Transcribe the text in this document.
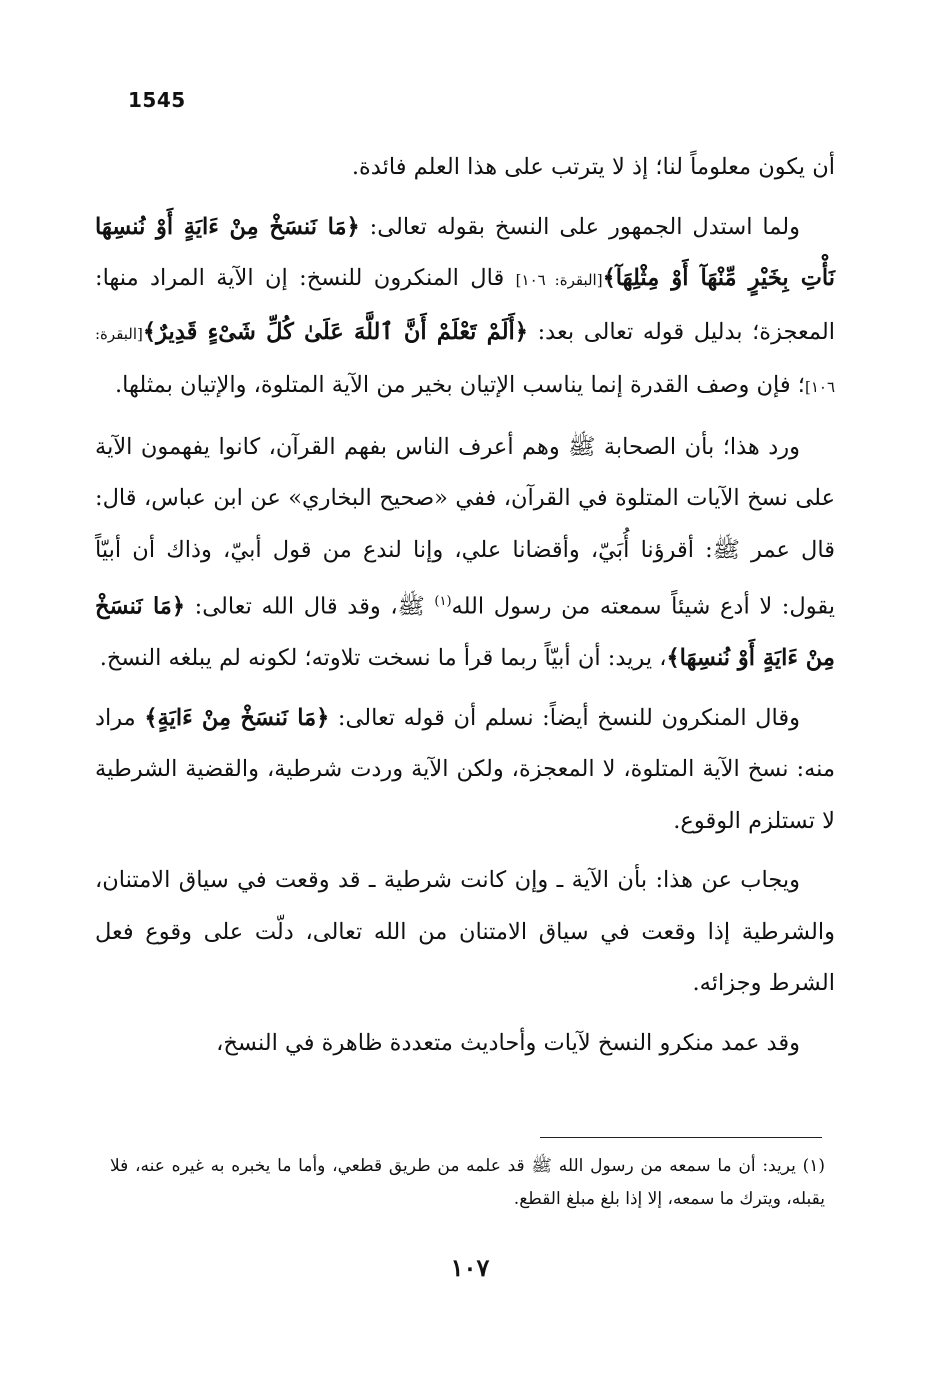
1545

أن يكون معلوماً لنا؛ إذ لا يترتب على هذا العلم فائدة.

ولما استدل الجمهور على النسخ بقوله تعالى: ﴿مَا نَنسَخْ مِنْ ءَايَةٍ أَوْ نُنسِهَا نَأْتِ بِخَيْرٍ مِّنْهَآ أَوْ مِثْلِهَآ﴾[البقرة: ١٠٦] قال المنكرون للنسخ: إن الآية المراد منها: المعجزة؛ بدليل قوله تعالى بعد: ﴿أَلَمْ تَعْلَمْ أَنَّ ٱللَّهَ عَلَىٰ كُلِّ شَىْءٍ قَدِيرٌ﴾[البقرة: ١٠٦]؛ فإن وصف القدرة إنما يناسب الإتيان بخير من الآية المتلوة، والإتيان بمثلها.

ورد هذا؛ بأن الصحابة ﷺ وهم أعرف الناس بفهم القرآن، كانوا يفهمون الآية على نسخ الآيات المتلوة في القرآن، ففي «صحيح البخاري» عن ابن عباس، قال: قال عمر ﷺ: أقرؤنا أُبَيّ، وأقضانا علي، وإنا لندع من قول أبيّ، وذاك أن أبيّاً يقول: لا أدع شيئاً سمعته من رسول الله$^{(١)}$ ﷺ، وقد قال الله تعالى: ﴿مَا نَنسَخْ مِنْ ءَايَةٍ أَوْ نُنسِهَا﴾، يريد: أن أبيّاً ربما قرأ ما نسخت تلاوته؛ لكونه لم يبلغه النسخ.

وقال المنكرون للنسخ أيضاً: نسلم أن قوله تعالى: ﴿مَا نَنسَخْ مِنْ ءَايَةٍ﴾ مراد منه: نسخ الآية المتلوة، لا المعجزة، ولكن الآية وردت شرطية، والقضية الشرطية لا تستلزم الوقوع.

ويجاب عن هذا: بأن الآية ـ وإن كانت شرطية ـ قد وقعت في سياق الامتنان، والشرطية إذا وقعت في سياق الامتنان من الله تعالى، دلّت على وقوع فعل الشرط وجزائه.

وقد عمد منكرو النسخ لآيات وأحاديث متعددة ظاهرة في النسخ،

(١) يريد: أن ما سمعه من رسول الله ﷺ قد علمه من طريق قطعي، وأما ما يخبره به غيره عنه، فلا يقبله، ويترك ما سمعه، إلا إذا بلغ مبلغ القطع.

١٠٧
